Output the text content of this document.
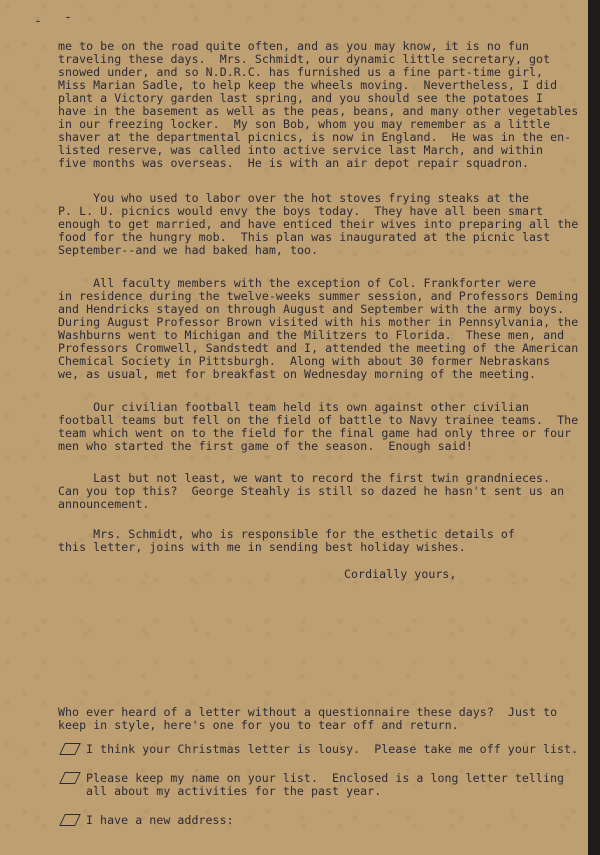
- -
me to be on the road quite often, and as you may know, it is no fun
traveling these days.  Mrs. Schmidt, our dynamic little secretary, got
snowed under, and so N.D.R.C. has furnished us a fine part-time girl,
Miss Marian Sadle, to help keep the wheels moving.  Nevertheless, I did
plant a Victory garden last spring, and you should see the potatoes I
have in the basement as well as the peas, beans, and many other vegetables
in our freezing locker.  My son Bob, whom you may remember as a little
shaver at the departmental picnics, is now in England.  He was in the en-
listed reserve, was called into active service last March, and within
five months was overseas.  He is with an air depot repair squadron.
You who used to labor over the hot stoves frying steaks at the
P. L. U. picnics would envy the boys today.  They have all been smart
enough to get married, and have enticed their wives into preparing all the
food for the hungry mob.  This plan was inaugurated at the picnic last
September--and we had baked ham, too.
All faculty members with the exception of Col. Frankforter were
in residence during the twelve-weeks summer session, and Professors Deming
and Hendricks stayed on through August and September with the army boys.
During August Professor Brown visited with his mother in Pennsylvania, the
Washburns went to Michigan and the Militzers to Florida.  These men, and
Professors Cromwell, Sandstedt and I, attended the meeting of the American
Chemical Society in Pittsburgh.  Along with about 30 former Nebraskans
we, as usual, met for breakfast on Wednesday morning of the meeting.
Our civilian football team held its own against other civilian
football teams but fell on the field of battle to Navy trainee teams.  The
team which went on to the field for the final game had only three or four
men who started the first game of the season.  Enough said!
Last but not least, we want to record the first twin grandnieces.
Can you top this?  George Steahly is still so dazed he hasn't sent us an
announcement.
Mrs. Schmidt, who is responsible for the esthetic details of
this letter, joins with me in sending best holiday wishes.
Cordially yours,
Who ever heard of a letter without a questionnaire these days?  Just to
keep in style, here's one for you to tear off and return.
I think your Christmas letter is lousy.  Please take me off your list.
Please keep my name on your list.  Enclosed is a long letter telling
all about my activities for the past year.
I have a new address:
